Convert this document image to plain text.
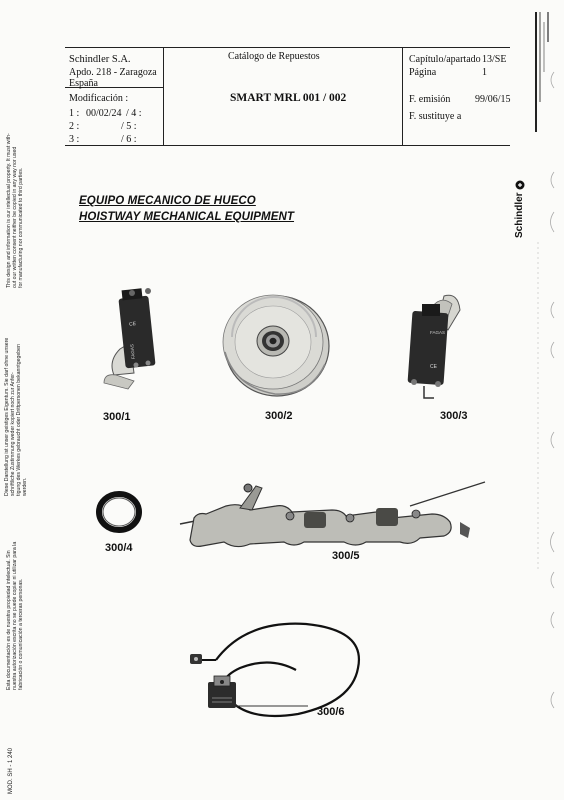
Schindler S.A.
Apdo. 218 - Zaragoza
España
Modificación :
1 : 00/02/24 / 4 :
2 :	/ 5 :
3 :	/ 6 :
Catálogo de Repuestos
SMART MRL 001 / 002
Capítulo/apartado 13/SE
Página	1
F. emisión 99/06/15
F. sustituye a
EQUIPO MECANICO DE HUECO
HOISTWAY MECHANICAL EQUIPMENT
This design and information is our intellectual property. It must with- out our written consent neither be copied in any way nor used for manufacturing nor communicated to third parties.
Diese Darstellung ist unser geistiges Eigentum. Sie darf ohne unsere schriftliche Zustimmung weder kopiert noch zur Anfer- tigung des Werkes gebraucht oder Drittpersonen bekanntgegeben werden.
Esta documentación es de nuestra propiedad intelectual. Sin nuestra autorización escrita no se puede copiar ni utilizar para la fabricación o comunicación a terceras personas.
MOD. SH - 1 240
Schindler
CE
FAGAS
FAGAS
CE
300/1	300/2	300/3
300/4
300/5
300/6
